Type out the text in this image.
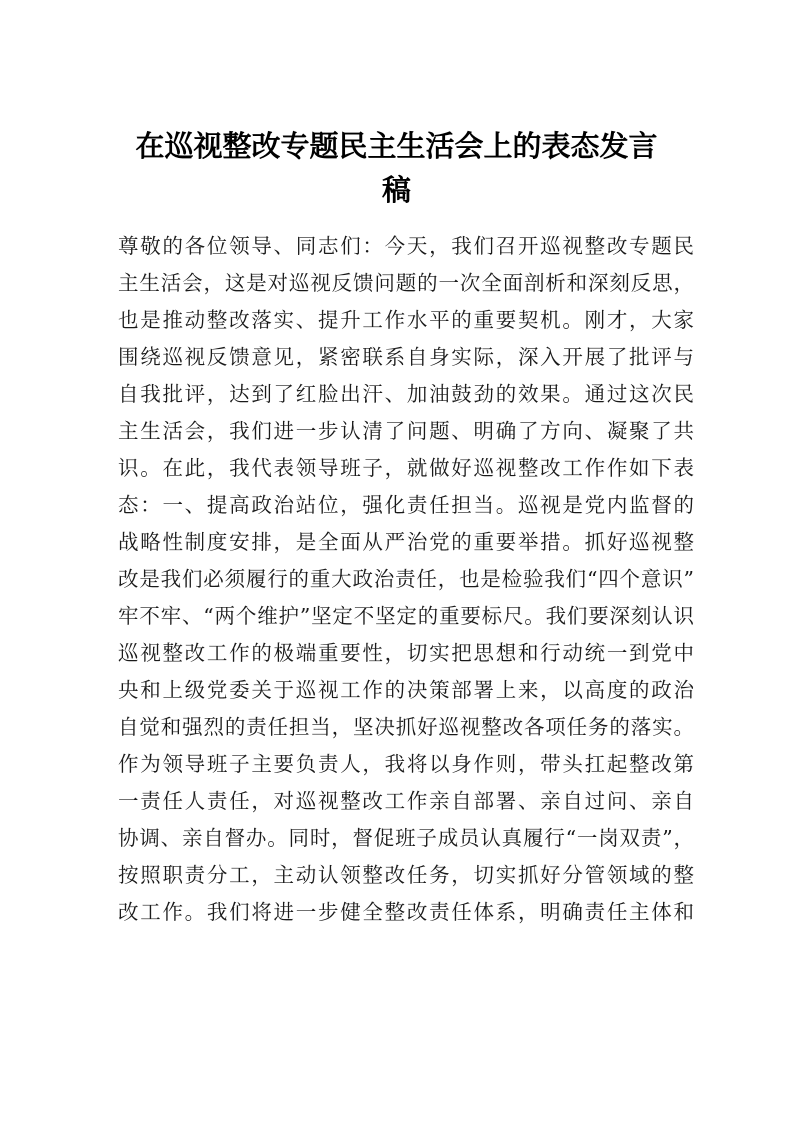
在巡视整改专题民主生活会上的表态发言
稿
尊敬的各位领导、同志们：今天，我们召开巡视整改专题民
主生活会，这是对巡视反馈问题的一次全面剖析和深刻反思，
也是推动整改落实、提升工作水平的重要契机。刚才，大家
围绕巡视反馈意见，紧密联系自身实际，深入开展了批评与
自我批评，达到了红脸出汗、加油鼓劲的效果。通过这次民
主生活会，我们进一步认清了问题、明确了方向、凝聚了共
识。在此，我代表领导班子，就做好巡视整改工作作如下表
态：一、提高政治站位，强化责任担当。巡视是党内监督的
战略性制度安排，是全面从严治党的重要举措。抓好巡视整
改是我们必须履行的重大政治责任，也是检验我们“四个意识”
牢不牢、“两个维护”坚定不坚定的重要标尺。我们要深刻认识
巡视整改工作的极端重要性，切实把思想和行动统一到党中
央和上级党委关于巡视工作的决策部署上来，以高度的政治
自觉和强烈的责任担当，坚决抓好巡视整改各项任务的落实。
作为领导班子主要负责人，我将以身作则，带头扛起整改第
一责任人责任，对巡视整改工作亲自部署、亲自过问、亲自
协调、亲自督办。同时，督促班子成员认真履行“一岗双责”，
按照职责分工，主动认领整改任务，切实抓好分管领域的整
改工作。我们将进一步健全整改责任体系，明确责任主体和
